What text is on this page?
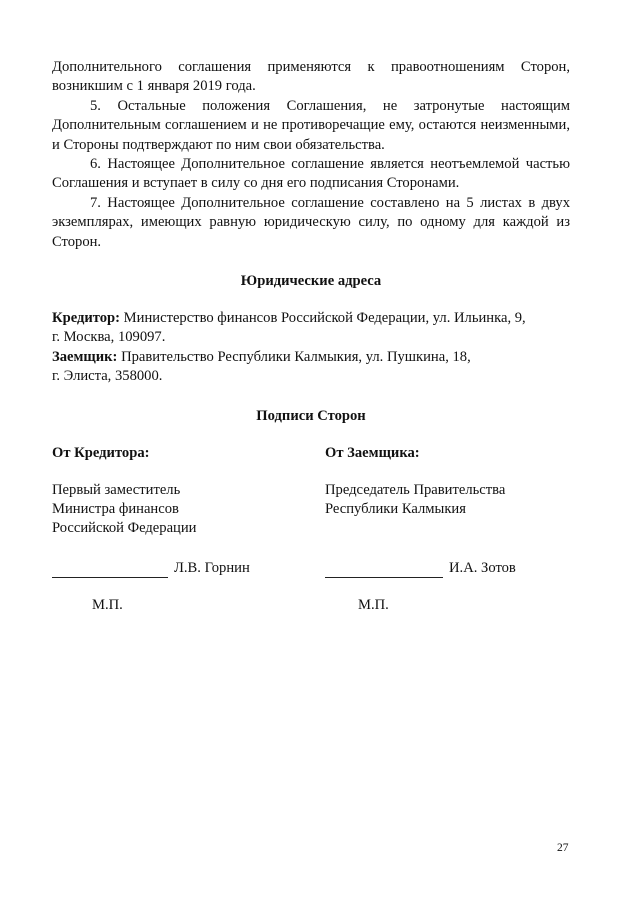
Дополнительного соглашения применяются к правоотношениям Сторон, возникшим с 1 января 2019 года.

5. Остальные положения Соглашения, не затронутые настоящим Дополнительным соглашением и не противоречащие ему, остаются неизменными, и Стороны подтверждают по ним свои обязательства.

6. Настоящее Дополнительное соглашение является неотъемлемой частью Соглашения и вступает в силу со дня его подписания Сторонами.

7. Настоящее Дополнительное соглашение составлено на 5 листах в двух экземплярах, имеющих равную юридическую силу, по одному для каждой из Сторон.

Юридические адреса

Кредитор: Министерство финансов Российской Федерации, ул. Ильинка, 9,

г. Москва, 109097.

Заемщик: Правительство Республики Калмыкия, ул. Пушкина, 18,

г. Элиста, 358000.

Подписи Сторон
От Кредитора:
Первый заместитель
Министра финансов
Российской Федерации
Л.В. Горнин
М.П.
От Заемщика:
Председатель Правительства
Республики Калмыкия
И.А. Зотов
М.П.
27
